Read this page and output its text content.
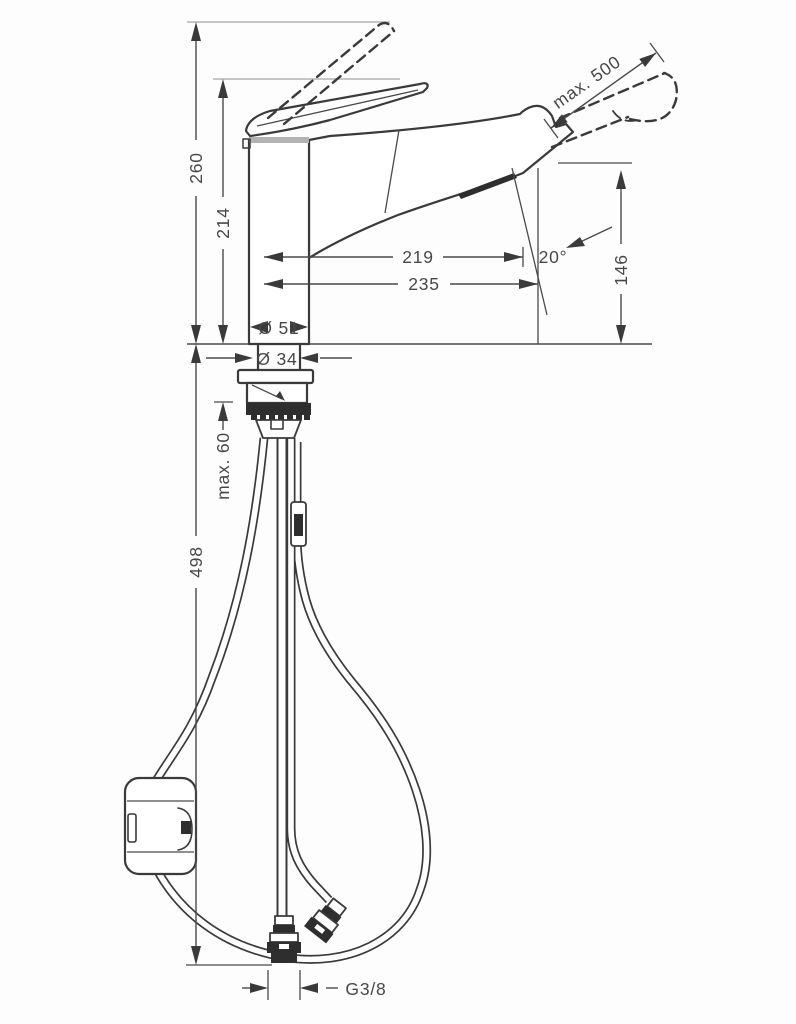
260
214
498
max. 60
219
235
20° 146
max. 500
Ø 51
Ø 34
G3/8
